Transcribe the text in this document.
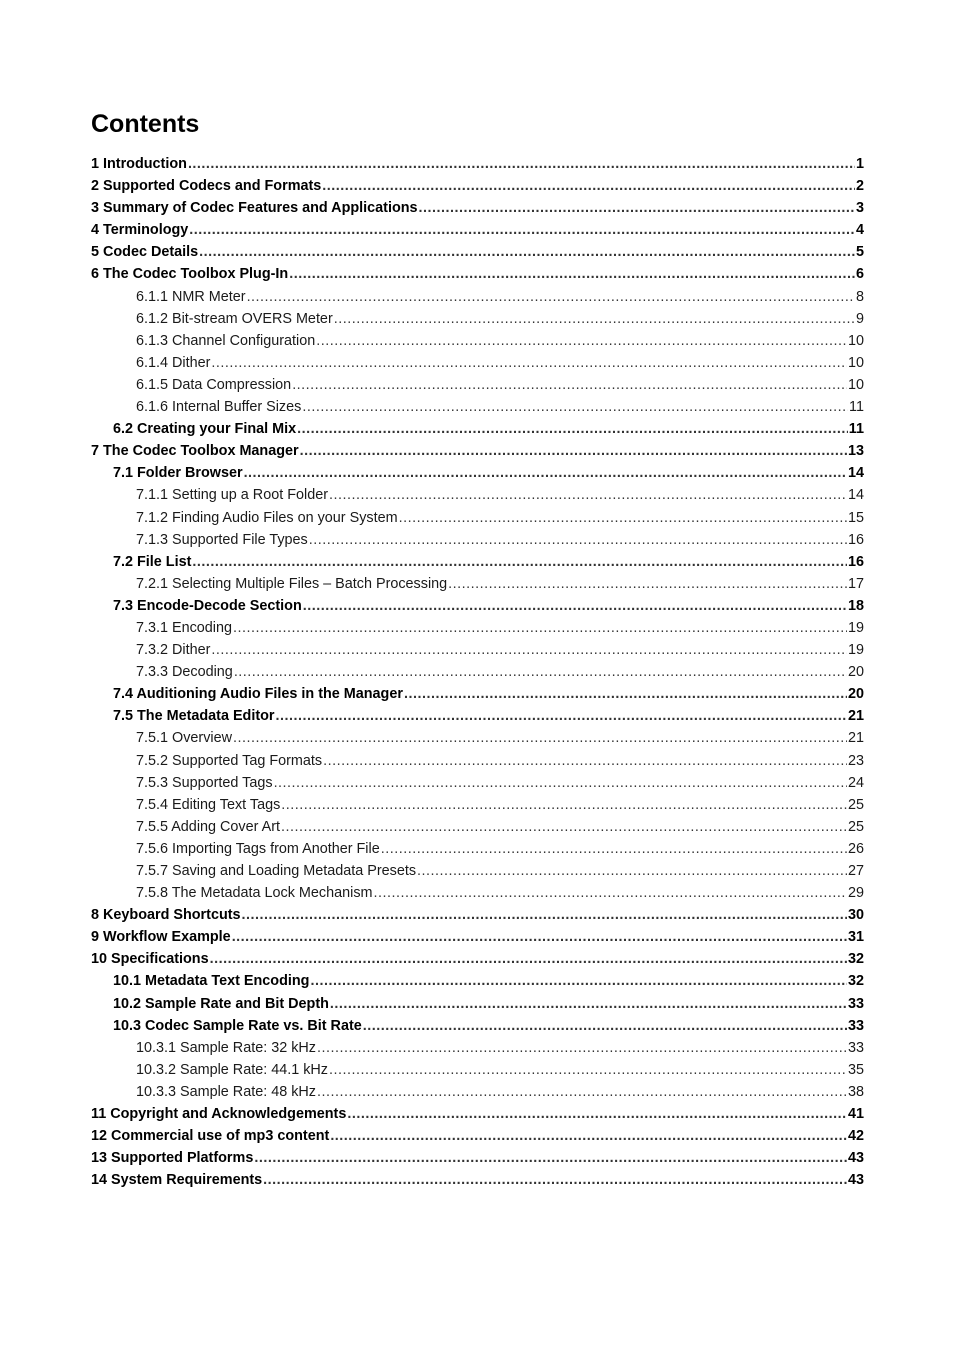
Contents
1 Introduction .....	1
2 Supported Codecs and Formats .....	2
3 Summary of Codec Features and Applications .....	3
4 Terminology .....	4
5 Codec Details .....	5
6 The Codec Toolbox Plug-In .....	6
6.1.1 NMR Meter .....	8
6.1.2 Bit-stream OVERS Meter .....	9
6.1.3 Channel Configuration .....	10
6.1.4 Dither .....	10
6.1.5 Data Compression .....	10
6.1.6 Internal Buffer Sizes .....	11
6.2 Creating your Final Mix .....	11
7 The Codec Toolbox Manager .....	13
7.1 Folder Browser .....	14
7.1.1 Setting up a Root Folder .....	14
7.1.2 Finding Audio Files on your System .....	15
7.1.3 Supported File Types .....	16
7.2 File List .....	16
7.2.1 Selecting Multiple Files – Batch Processing .....	17
7.3 Encode-Decode Section .....	18
7.3.1 Encoding .....	19
7.3.2 Dither .....	19
7.3.3 Decoding .....	20
7.4 Auditioning Audio Files in the Manager .....	20
7.5 The Metadata Editor .....	21
7.5.1 Overview .....	21
7.5.2 Supported Tag Formats .....	23
7.5.3 Supported Tags .....	24
7.5.4 Editing Text Tags .....	25
7.5.5 Adding Cover Art .....	25
7.5.6 Importing Tags from Another File .....	26
7.5.7 Saving and Loading Metadata Presets .....	27
7.5.8 The Metadata Lock Mechanism .....	29
8 Keyboard Shortcuts .....	30
9 Workflow Example .....	31
10 Specifications .....	32
10.1 Metadata Text Encoding .....	32
10.2 Sample Rate and Bit Depth .....	33
10.3 Codec Sample Rate vs. Bit Rate .....	33
10.3.1 Sample Rate: 32 kHz .....	33
10.3.2 Sample Rate: 44.1 kHz .....	35
10.3.3 Sample Rate: 48 kHz .....	38
11 Copyright and Acknowledgements .....	41
12 Commercial use of mp3 content .....	42
13 Supported Platforms .....	43
14 System Requirements .....	43
